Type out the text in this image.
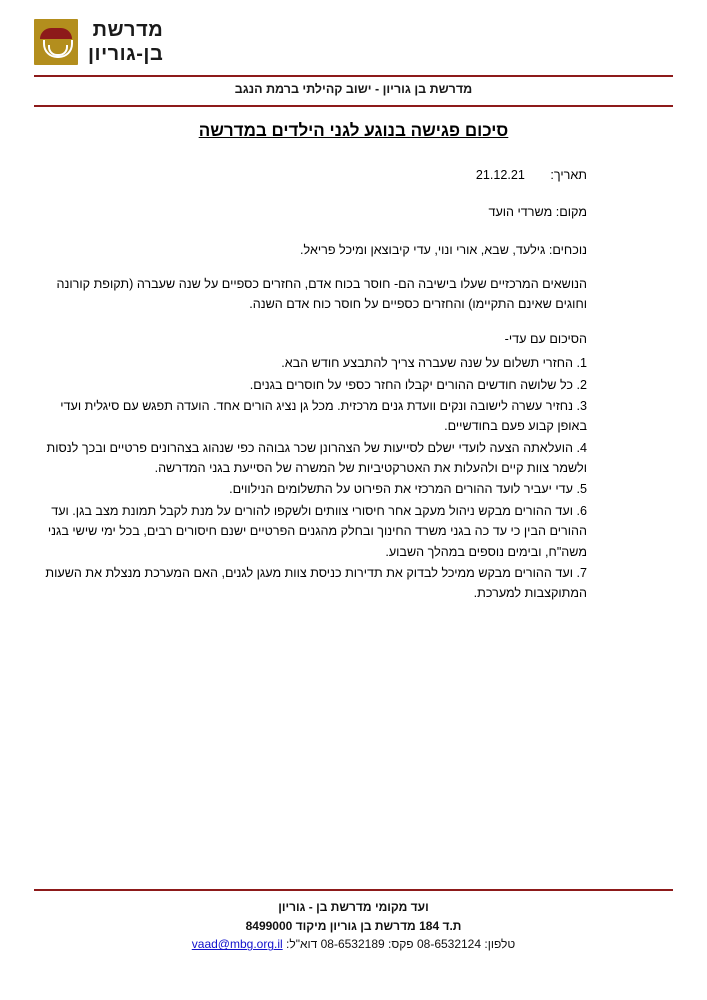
מדרשת
בן-גוריון
מדרשת בן גוריון - ישוב קהילתי ברמת הנגב
סיכום פגישה בנוגע לגני הילדים במדרשה
תאריך: 21.12.21
מקום: משרדי הועד
נוכחים: גילעד, שבא, אורי ונוי, עדי קיבוצאן ומיכל פריאל.
הנושאים המרכזיים שעלו בישיבה הם- חוסר בכוח אדם, החזרים כספיים על שנה שעברה (תקופת קורונה וחוגים שאינם התקיימו) והחזרים כספיים על חוסר כוח אדם השנה.
הסיכום עם עדי-
1. החזרי תשלום על שנה שעברה צריך להתבצע חודש הבא.
2. כל שלושה חודשים ההורים יקבלו החזר כספי על חוסרים בגנים.
3. נחזיר עשרה לישובה ונקים וועדת גנים מרכזית. מכל גן נציג הורים אחד. הועדה תפגש עם סיגלית ועדי באופן קבוע פעם בחודשיים.
4. הועלאתה הצעה לועדי ישלם לסייעות של הצהרונן שכר גבוהה כפי שנהוג בצהרונים פרטיים ובכך לנסות ולשמר צוות קיים ולהעלות את האטרקטיביות של המשרה של הסייעת בגני המדרשה.
5. עדי יעביר לועד ההורים המרכזי את הפירוט על התשלומים הנילווים.
6. ועד ההורים מבקש ניהול מעקב אחר חיסורי צוותים ולשקפו להורים על מנת לקבל תמונת מצב בגן. ועד ההורים הבין כי עד כה בגני משרד החינוך ובחלק מהגנים הפרטיים ישנם חיסורים רבים, בכל ימי שישי בגני משה"ח, ובימים נוספים במהלך השבוע.
7. ועד ההורים מבקש ממיכל לבדוק את תדירות כניסת צוות מעגן לגנים, האם המערכת מנצלת את השעות המתוקצבות למערכת.
ועד מקומי מדרשת בן - גוריון
ת.ד 184 מדרשת בן גוריון מיקוד 8499000
טלפון: 08-6532124 פקס: 08-6532189 דוא"ל: vaad@mbg.org.il
